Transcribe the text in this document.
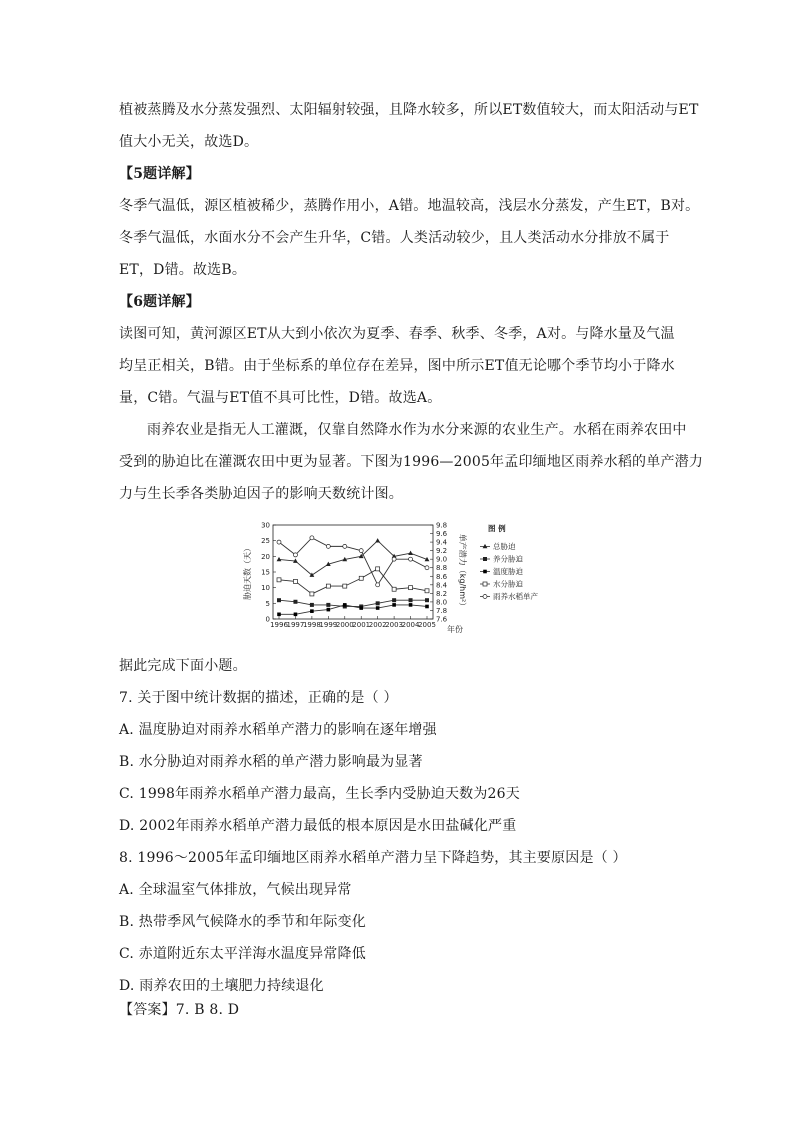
植被蒸腾及水分蒸发强烈、太阳辐射较强，且降水较多，所以ET数值较大，而太阳活动与ET
值大小无关，故选D。
【5题详解】
冬季气温低，源区植被稀少，蒸腾作用小，A错。地温较高，浅层水分蒸发，产生ET，B对。
冬季气温低，水面水分不会产生升华，C错。人类活动较少，且人类活动水分排放不属于
ET，D错。故选B。
【6题详解】
读图可知，黄河源区ET从大到小依次为夏季、春季、秋季、冬季，A对。与降水量及气温
均呈正相关，B错。由于坐标系的单位存在差异，图中所示ET值无论哪个季节均小于降水
量，C错。气温与ET值不具可比性，D错。故选A。
雨养农业是指无人工灌溉，仅靠自然降水作为水分来源的农业生产。水稻在雨养农田中
受到的胁迫比在灌溉农田中更为显著。下图为1996—2005年孟印缅地区雨养水稻的单产潜力
力与生长季各类胁迫因子的影响天数统计图。
0
5
10
15
20
25
30
7.6
7.8
8.0
8.2
8.4
8.6
8.8
9.0
9.2
9.4
9.6
9.8
1996
1997
1998
1999
2000
2001
2002
2003
2004
2005 年份
胁迫天数（天）	单产潜力（kg/hm²）
图 例
总胁迫
养分胁迫
温度胁迫
水分胁迫
雨养水稻单产
据此完成下面小题。
7. 关于图中统计数据的描述，正确的是（ ）
A. 温度胁迫对雨养水稻单产潜力的影响在逐年增强
B. 水分胁迫对雨养水稻的单产潜力影响最为显著
C. 1998年雨养水稻单产潜力最高，生长季内受胁迫天数为26天
D. 2002年雨养水稻单产潜力最低的根本原因是水田盐碱化严重
8. 1996～2005年孟印缅地区雨养水稻单产潜力呈下降趋势，其主要原因是（ ）
A. 全球温室气体排放，气候出现异常
B. 热带季风气候降水的季节和年际变化
C. 赤道附近东太平洋海水温度异常降低
D. 雨养农田的土壤肥力持续退化
【答案】7. B 8. D
